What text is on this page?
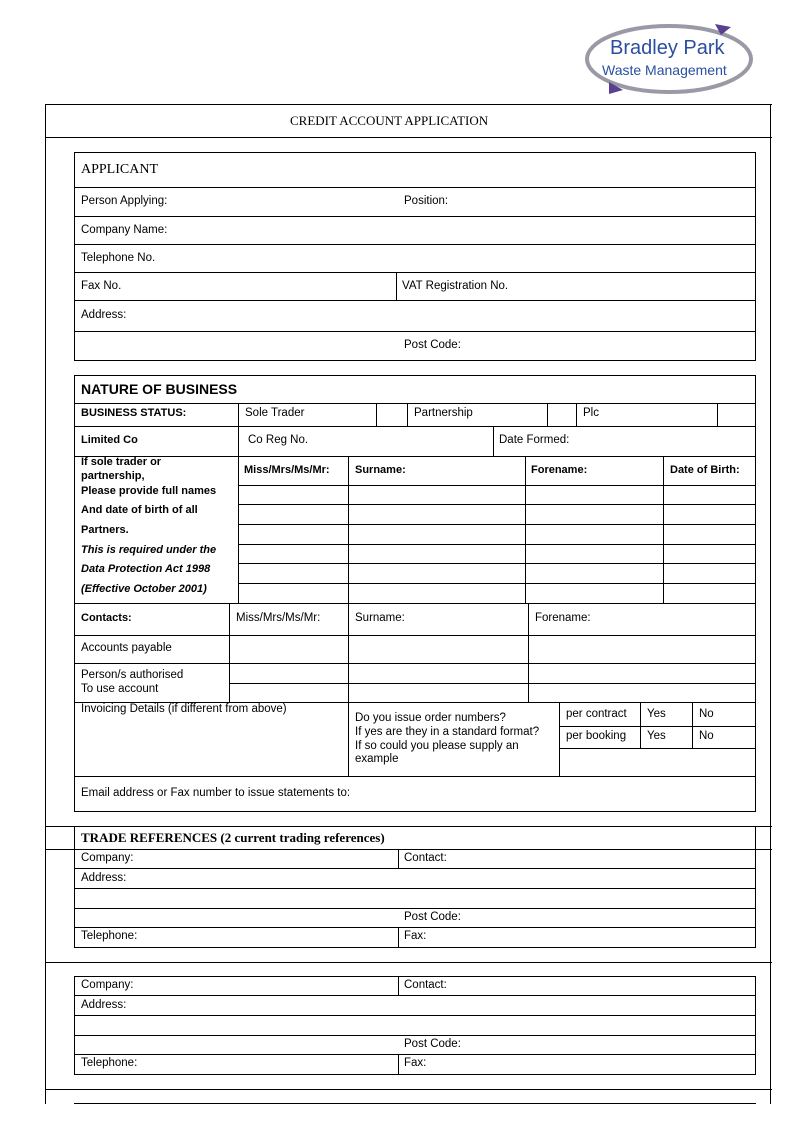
Bradley Park
Waste Management
CREDIT ACCOUNT APPLICATION
APPLICANT
Person Applying:	Position:
Company Name:
Telephone No.
Fax No.	VAT Registration No.
Address:
Post Code:
NATURE OF BUSINESS
BUSINESS STATUS:	Sole Trader	Partnership	Plc
Limited Co	Co Reg No.	Date Formed:
If sole trader or
partnership,
Please provide full names
And date of birth of all
Partners.
This is required under the
Data Protection Act 1998
(Effective October 2001)
Miss/Mrs/Ms/Mr: Surname:	Forename:	Date of Birth:
Contacts:	Miss/Mrs/Ms/Mr:	Surname:	Forename:
Accounts payable
Person/s authorised
To use account
Invoicing Details (if different from above)
Do you issue order numbers?
If yes are they in a standard format?
If so could you please supply an
example
per contract Yes	No
per booking Yes	No
Email address or Fax number to issue statements to:
TRADE REFERENCES (2 current trading references)
Company:	Contact:
Address:
Post Code:
Telephone:	Fax:
Company:	Contact:
Address:
Post Code:
Telephone:	Fax:
